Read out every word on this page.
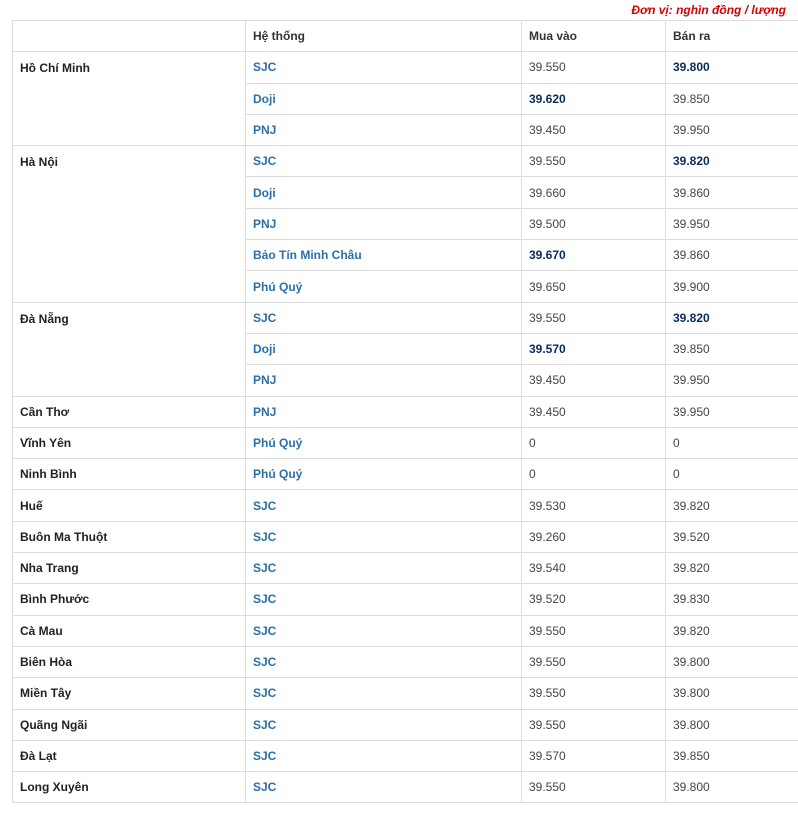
Đơn vị: nghìn đồng / lượng
	Hệ thống	Mua vào	Bán ra
Hồ Chí Minh	SJC	39.550	39.800
	Doji	39.620	39.850
	PNJ	39.450	39.950
Hà Nội	SJC	39.550	39.820
	Doji	39.660	39.860
	PNJ	39.500	39.950
	Bảo Tín Minh Châu	39.670	39.860
	Phú Quý	39.650	39.900
Đà Nẵng	SJC	39.550	39.820
	Doji	39.570	39.850
	PNJ	39.450	39.950
Cần Thơ	PNJ	39.450	39.950
Vĩnh Yên	Phú Quý	0	0
Ninh Bình	Phú Quý	0	0
Huế	SJC	39.530	39.820
Buôn Ma Thuột	SJC	39.260	39.520
Nha Trang	SJC	39.540	39.820
Bình Phước	SJC	39.520	39.830
Cà Mau	SJC	39.550	39.820
Biên Hòa	SJC	39.550	39.800
Miền Tây	SJC	39.550	39.800
Quãng Ngãi	SJC	39.550	39.800
Đà Lạt	SJC	39.570	39.850
Long Xuyên	SJC	39.550	39.800
